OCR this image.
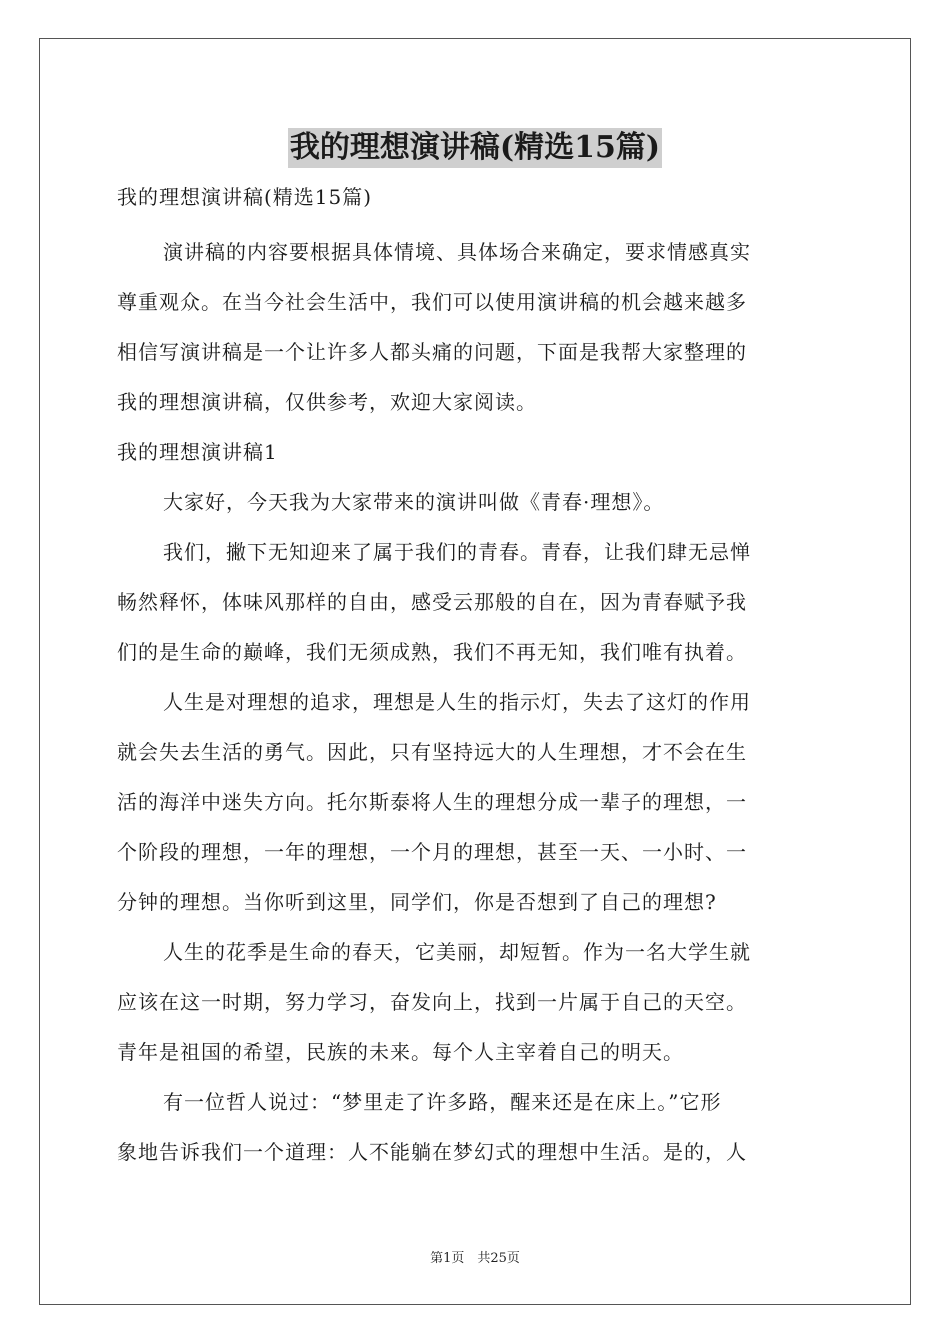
我的理想演讲稿(精选15篇)
我的理想演讲稿(精选15篇)
演讲稿的内容要根据具体情境、具体场合来确定，要求情感真实
尊重观众。在当今社会生活中，我们可以使用演讲稿的机会越来越多
相信写演讲稿是一个让许多人都头痛的问题，下面是我帮大家整理的
我的理想演讲稿，仅供参考，欢迎大家阅读。
我的理想演讲稿1
大家好，今天我为大家带来的演讲叫做《青春·理想》。
我们，撇下无知迎来了属于我们的青春。青春，让我们肆无忌惮
畅然释怀，体味风那样的自由，感受云那般的自在，因为青春赋予我
们的是生命的巅峰，我们无须成熟，我们不再无知，我们唯有执着。
人生是对理想的追求，理想是人生的指示灯，失去了这灯的作用
就会失去生活的勇气。因此，只有坚持远大的人生理想，才不会在生
活的海洋中迷失方向。托尔斯泰将人生的理想分成一辈子的理想，一
个阶段的理想，一年的理想，一个月的理想，甚至一天、一小时、一
分钟的理想。当你听到这里，同学们，你是否想到了自己的理想?
人生的花季是生命的春天，它美丽，却短暂。作为一名大学生就
应该在这一时期，努力学习，奋发向上，找到一片属于自己的天空。
青年是祖国的希望，民族的未来。每个人主宰着自己的明天。
有一位哲人说过：“梦里走了许多路，醒来还是在床上。”它形
象地告诉我们一个道理：人不能躺在梦幻式的理想中生活。是的，人
第1页　共25页
